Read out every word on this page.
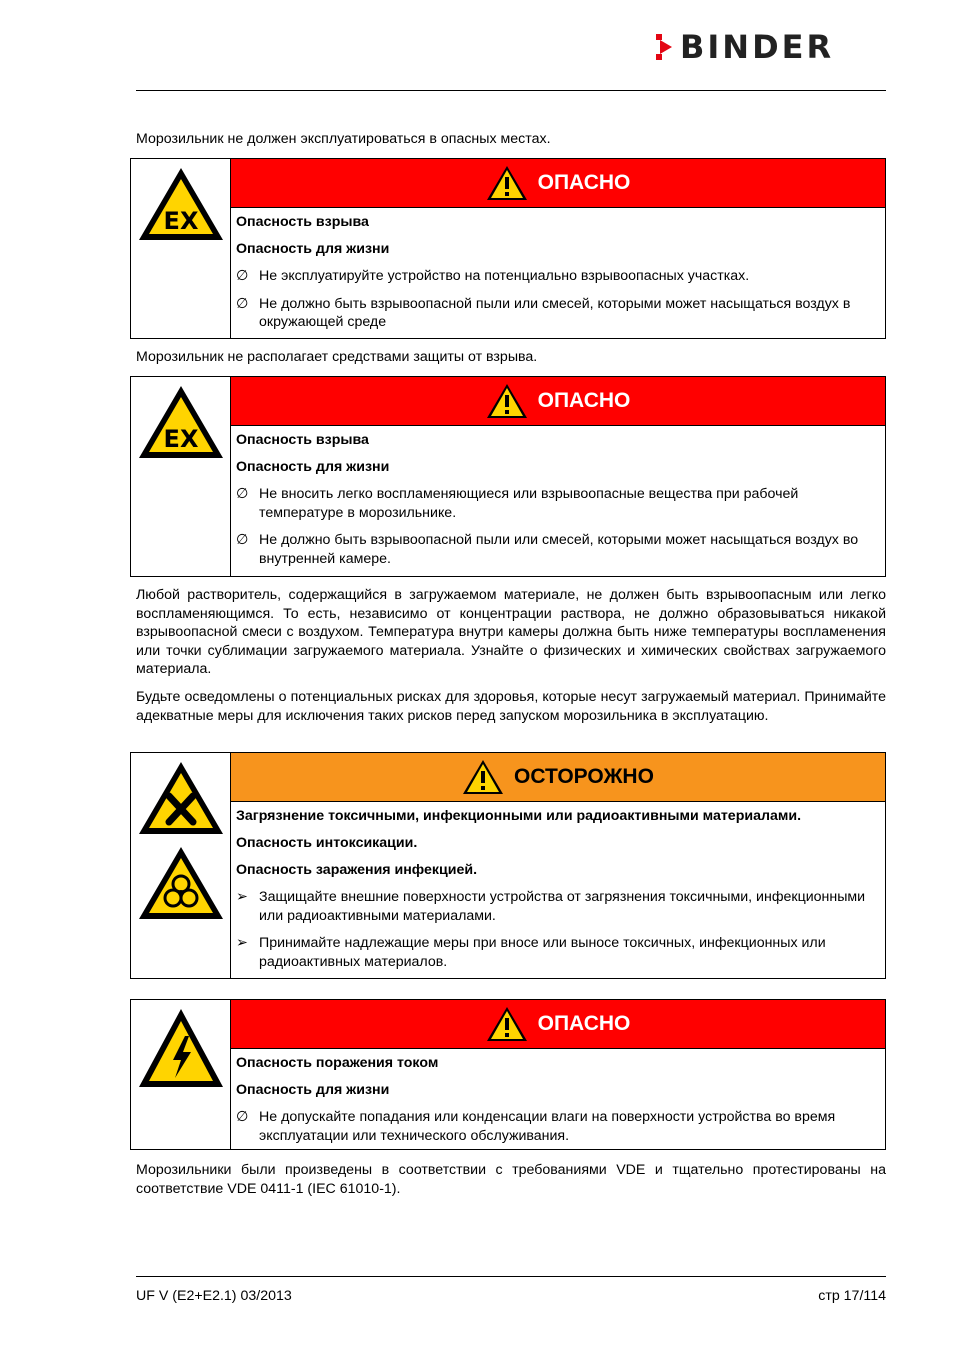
BINDER
Морозильник не должен эксплуатироваться в опасных местах.
EX
ОПАСНО
Опасность взрыва
Опасность для жизни
∅ Не эксплуатируйте устройство на потенциально взрывоопасных участках.
∅ Не должно быть взрывоопасной пыли или смесей, которыми может насыщаться воздух в окружающей среде
Морозильник не располагает средствами защиты от взрыва.
EX
ОПАСНО
Опасность взрыва
Опасность для жизни
∅ Не вносить легко воспламеняющиеся или взрывоопасные вещества при рабочей температуре в морозильнике.
∅ Не должно быть взрывоопасной пыли или смесей, которыми может насыщаться воздух во внутренней камере.
Любой растворитель, содержащийся в загружаемом материале, не должен быть взрывоопасным или легко воспламеняющимся. То есть, независимо от концентрации раствора, не должно образовываться никакой взрывоопасной смеси с воздухом. Температура внутри камеры должна быть ниже температуры воспламенения или точки сублимации загружаемого материала. Узнайте о физических и химических свойствах загружаемого материала.
Будьте осведомлены о потенциальных рисках для здоровья, которые несут загружаемый материал. Принимайте адекватные меры для исключения таких рисков перед запуском морозильника в эксплуатацию.
ОСТОРОЖНО
Загрязнение токсичными, инфекционными или радиоактивными материалами.
Опасность интоксикации.
Опасность заражения инфекцией.
➢ Защищайте внешние поверхности устройства от загрязнения токсичными, инфекционными или радиоактивными материалами.
➢ Принимайте надлежащие меры при вносе или выносе токсичных, инфекционных или радиоактивных материалов.
ОПАСНО
Опасность поражения током
Опасность для жизни
∅ Не допускайте попадания или конденсации влаги на поверхности устройства во время эксплуатации или технического обслуживания.
Морозильники были произведены в соответствии с требованиями VDE и тщательно протестированы на соответствие VDE 0411-1 (IEC 61010-1).
UF V (E2+E2.1) 03/2013	стр 17/114
